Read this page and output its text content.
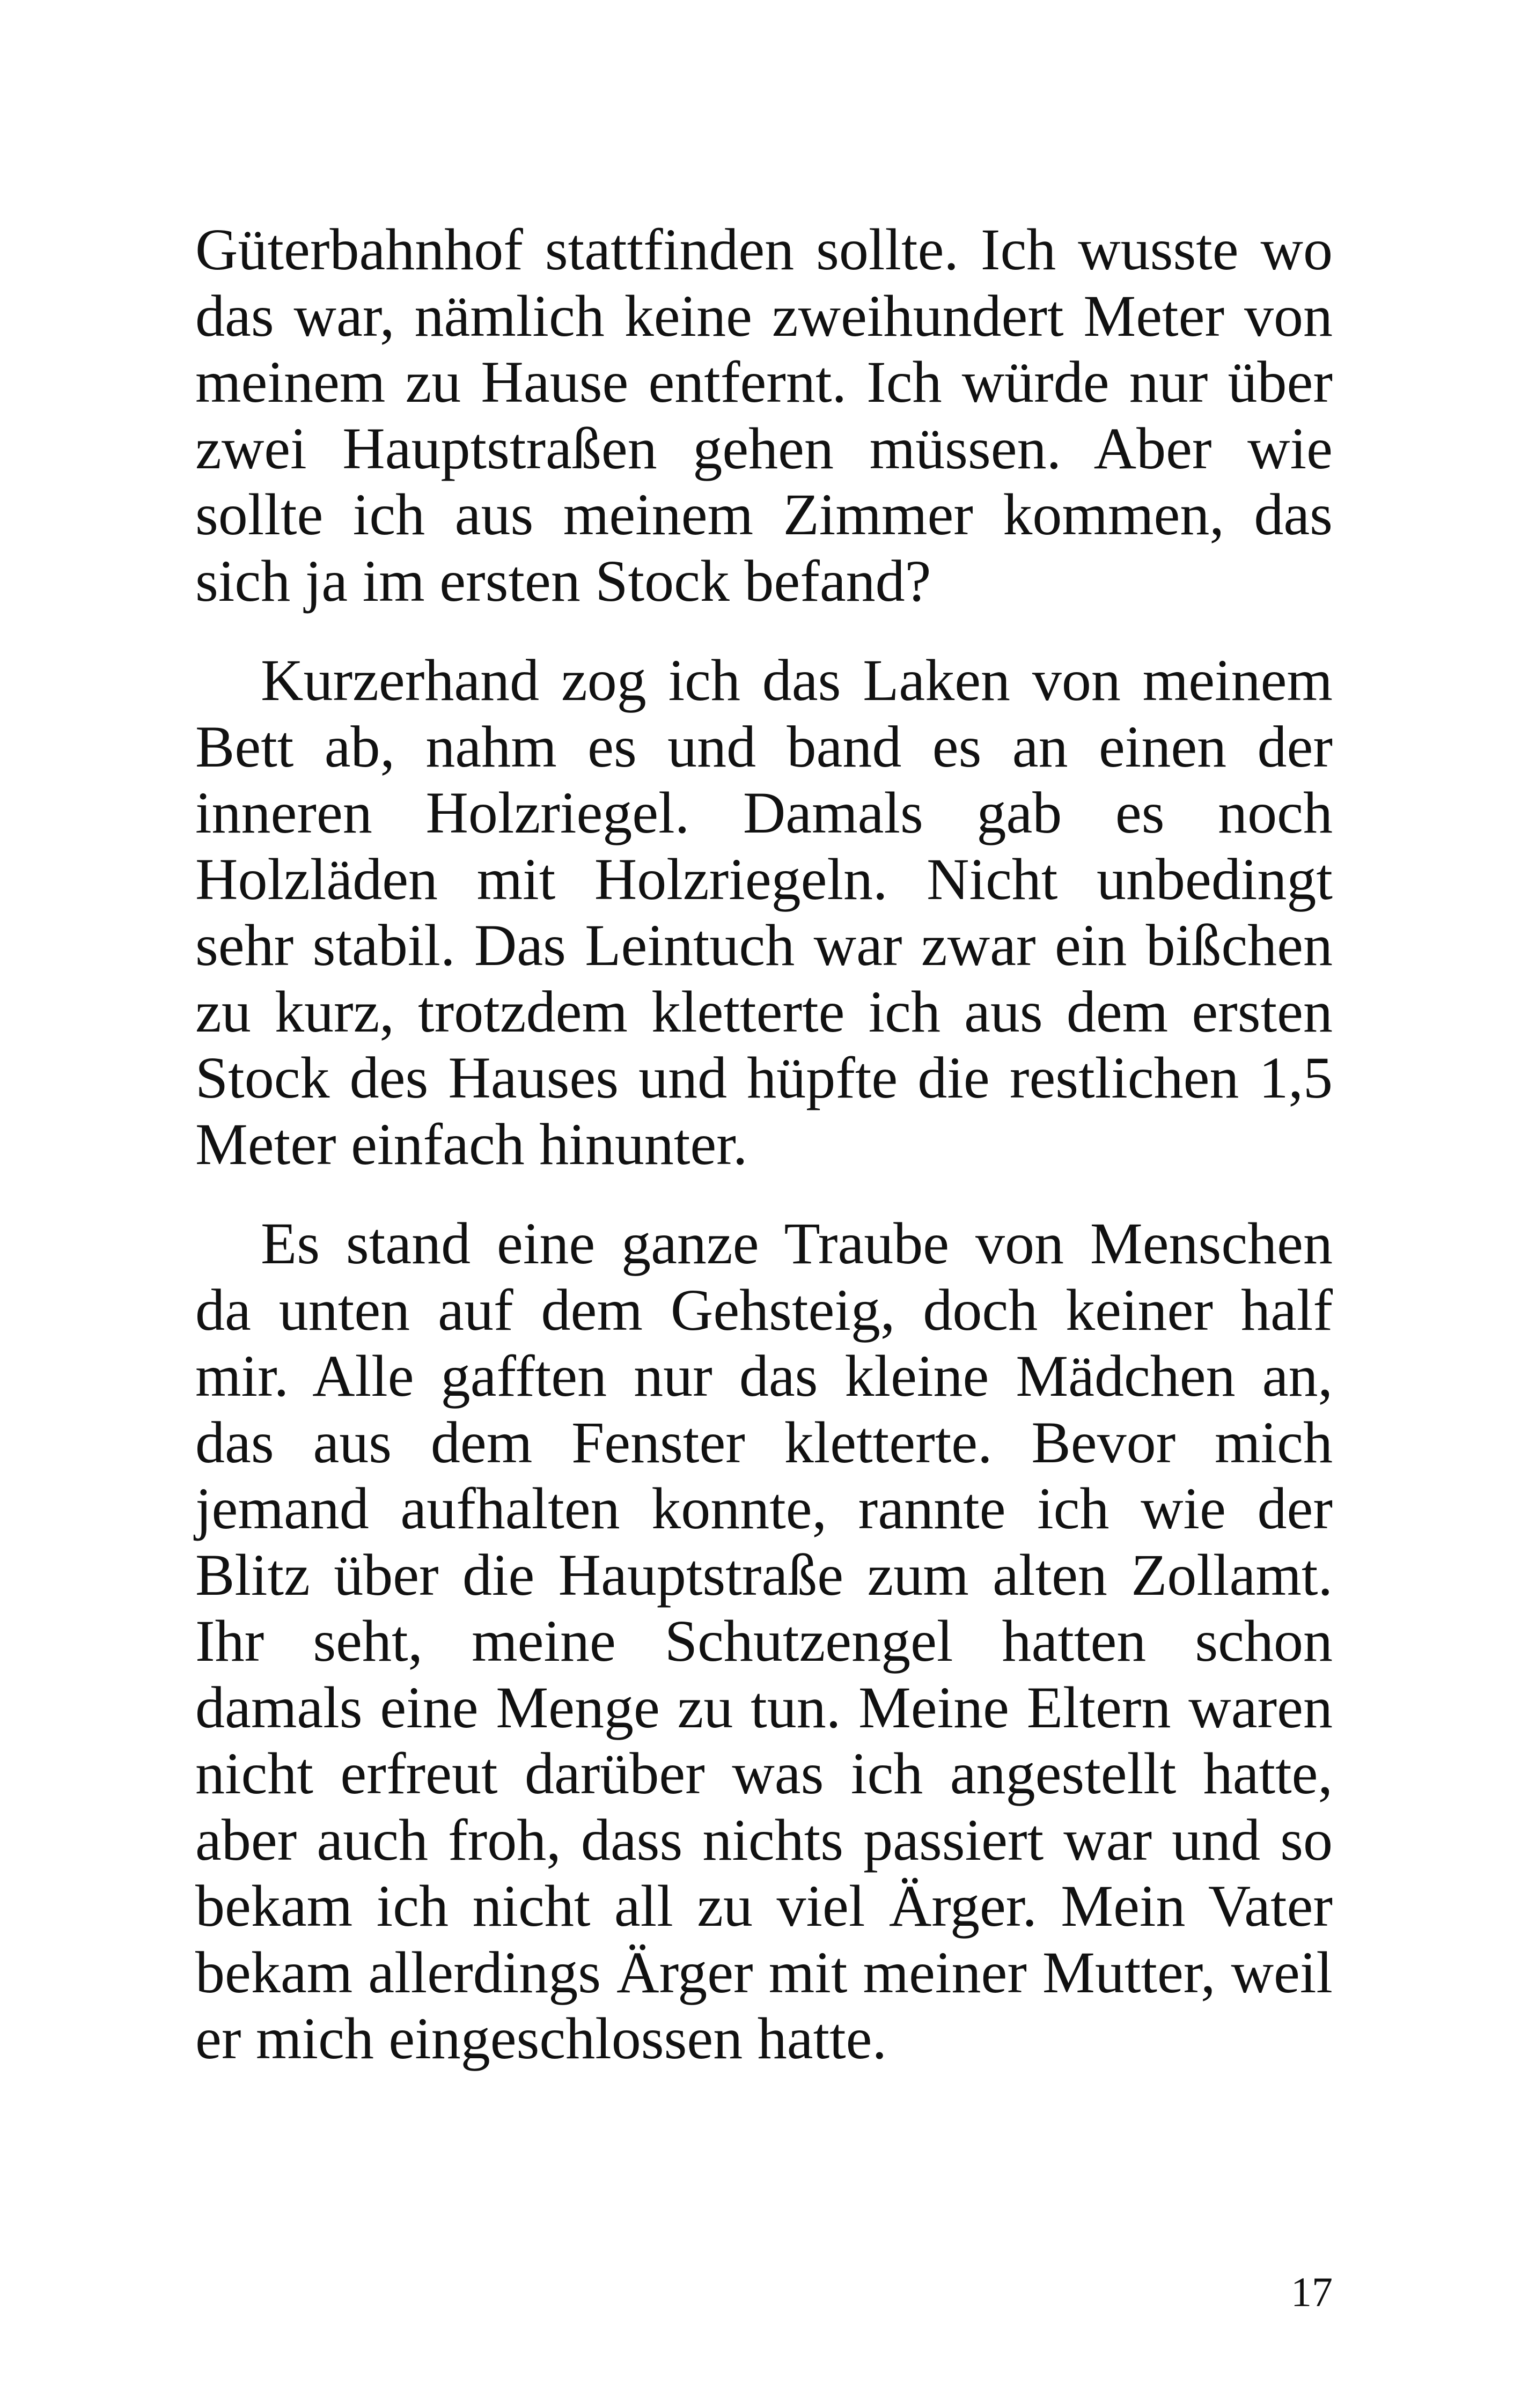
Güterbahnhof stattfinden sollte. Ich wusste wo das war, nämlich keine zweihundert Meter von meinem zu Hause entfernt. Ich würde nur über zwei Hauptstraßen gehen müssen. Aber wie sollte ich aus meinem Zimmer kommen, das sich ja im ersten Stock befand?

Kurzerhand zog ich das Laken von meinem Bett ab, nahm es und band es an einen der inneren Holzriegel. Damals gab es noch Holzläden mit Holzriegeln. Nicht unbedingt sehr stabil. Das Leintuch war zwar ein bißchen zu kurz, trotzdem kletterte ich aus dem ersten Stock des Hauses und hüpfte die restlichen 1,5 Meter einfach hinunter.

Es stand eine ganze Traube von Menschen da unten auf dem Gehsteig, doch keiner half mir. Alle gafften nur das kleine Mädchen an, das aus dem Fenster kletterte. Bevor mich jemand aufhalten konnte, rannte ich wie der Blitz über die Hauptstraße zum alten Zollamt. Ihr seht, meine Schutzengel hatten schon damals eine Menge zu tun. Meine Eltern waren nicht erfreut darüber was ich angestellt hatte, aber auch froh, dass nichts passiert war und so bekam ich nicht all zu viel Ärger. Mein Vater bekam allerdings Ärger mit meiner Mutter, weil er mich eingeschlossen hatte.

17
